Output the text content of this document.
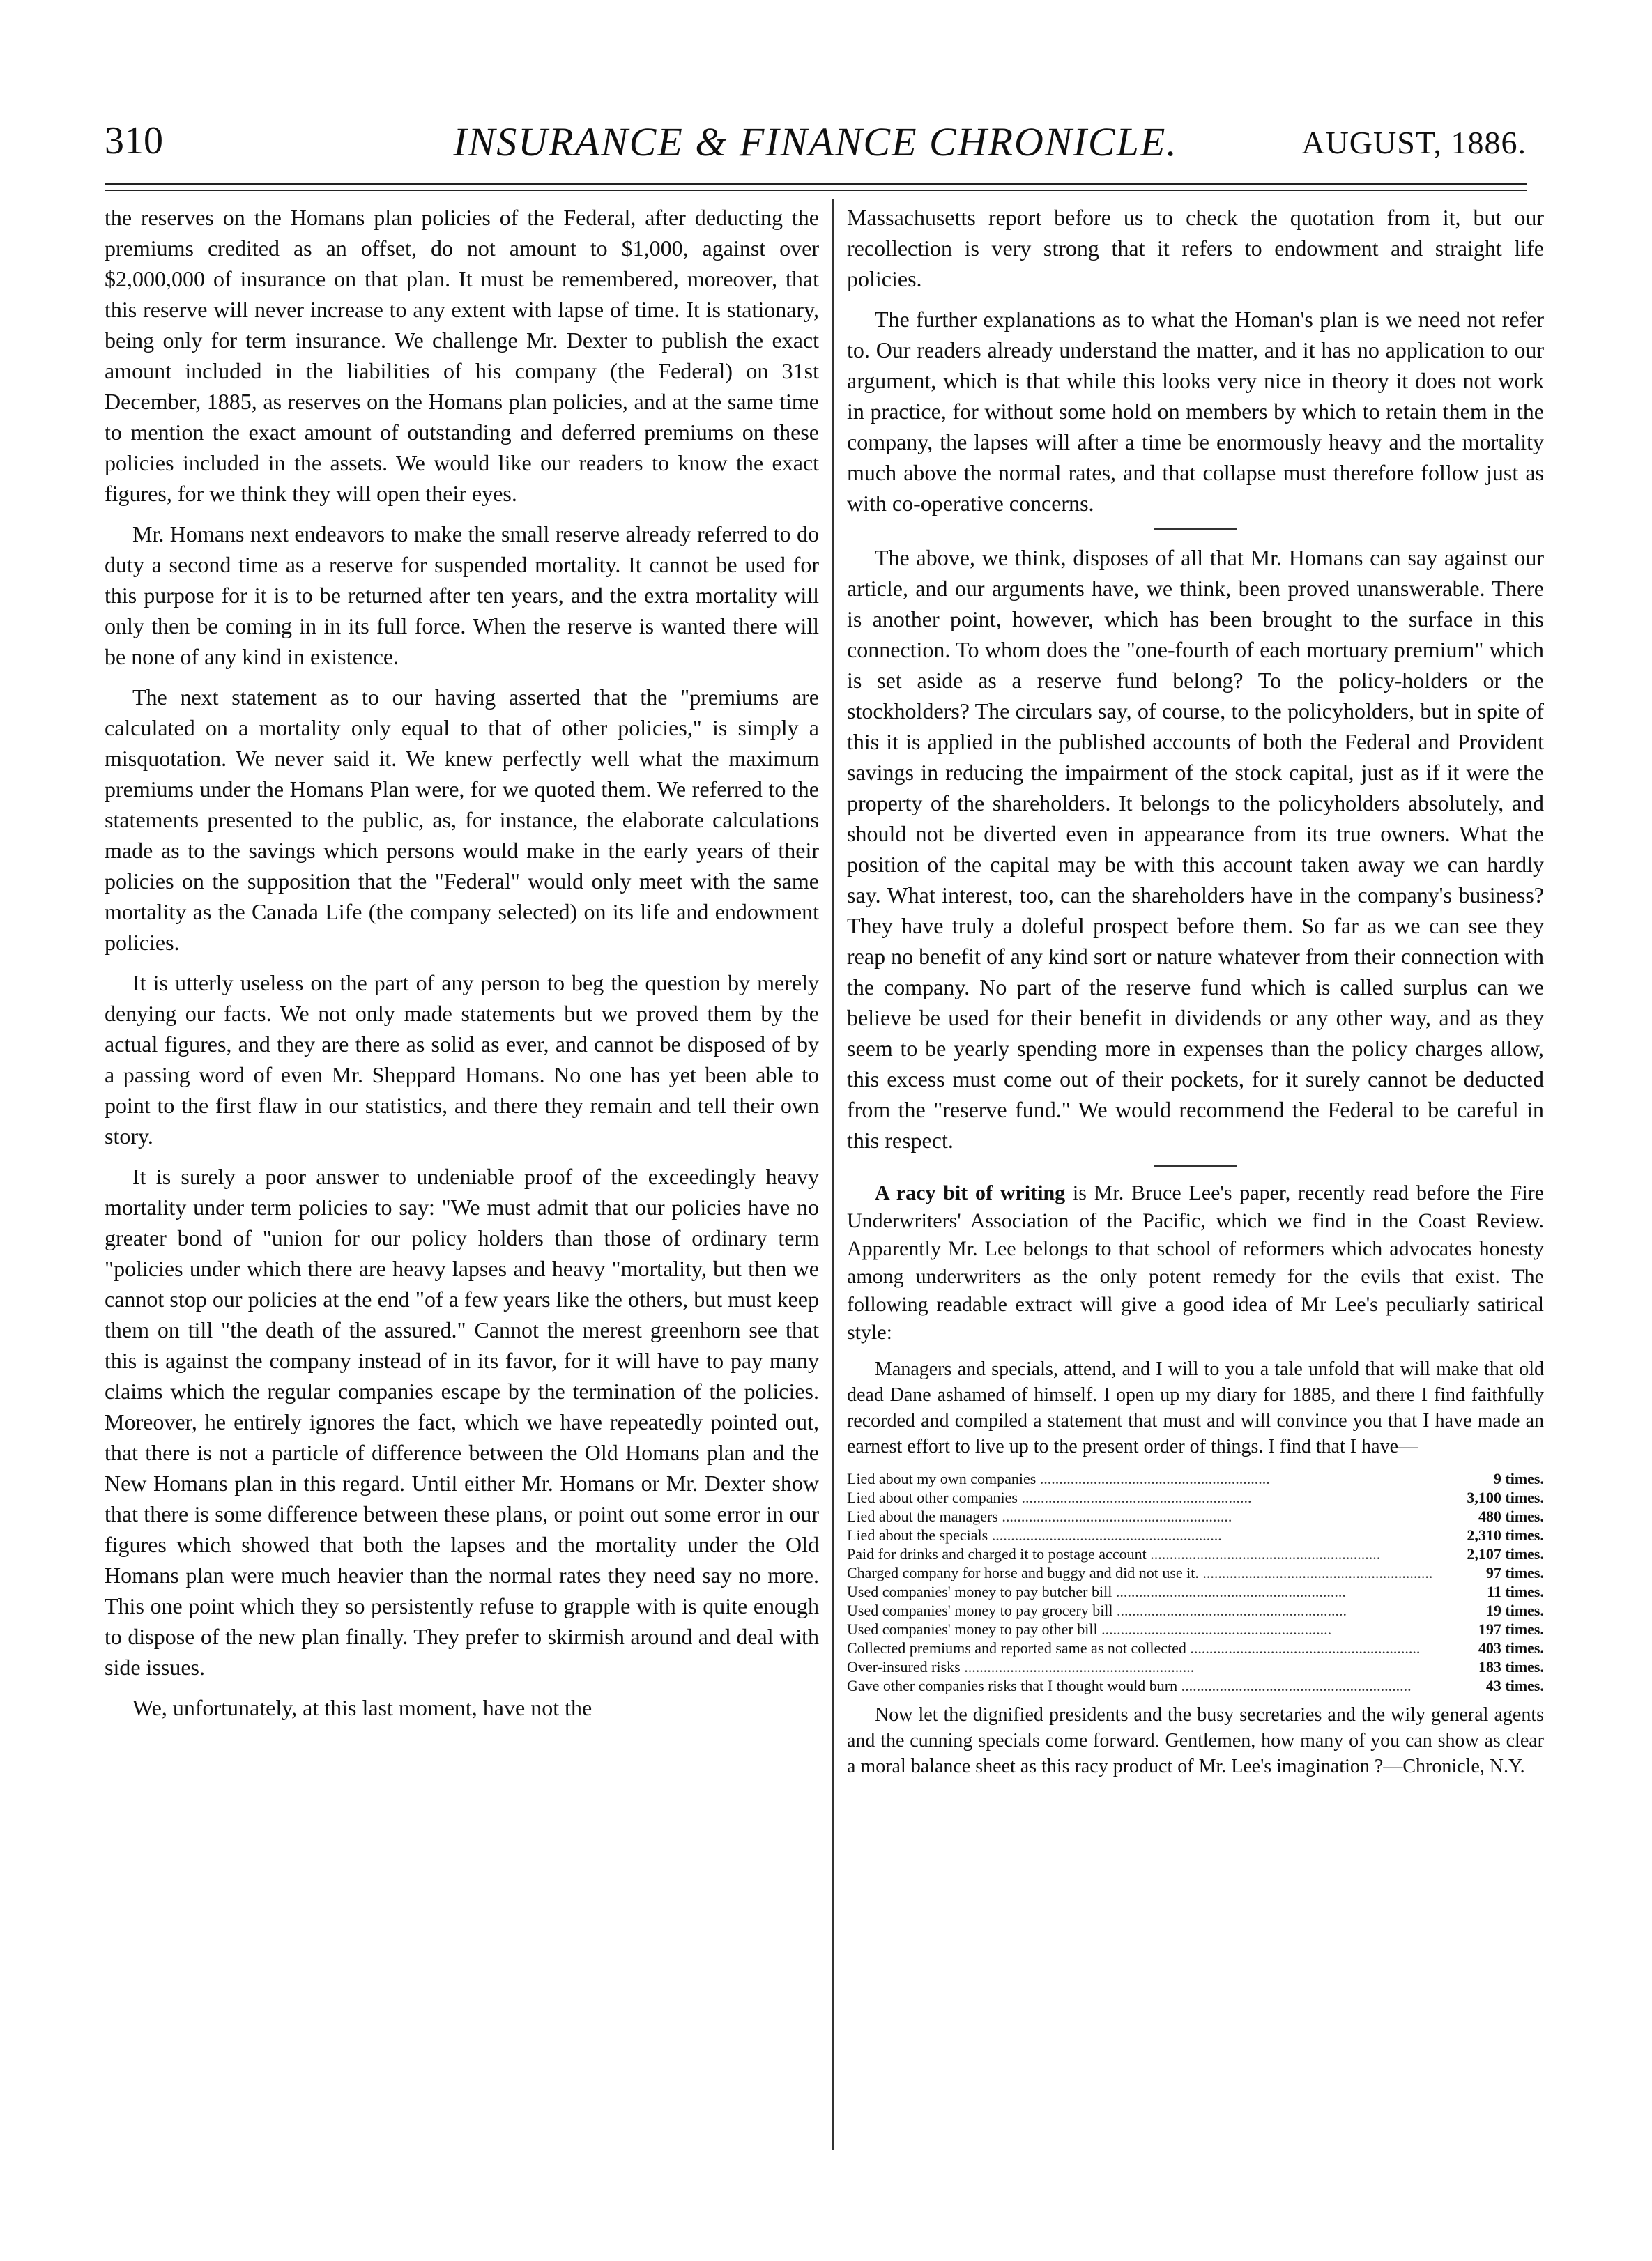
310	INSURANCE & FINANCE CHRONICLE.	AUGUST, 1886.

the reserves on the Homans plan policies of the Federal, after deducting the premiums credited as an offset, do not amount to $1,000, against over $2,000,000 of insurance on that plan. It must be remembered, moreover, that this reserve will never increase to any extent with lapse of time. It is stationary, being only for term insurance. We challenge Mr. Dexter to publish the exact amount included in the liabilities of his company (the Federal) on 31st December, 1885, as reserves on the Homans plan policies, and at the same time to mention the exact amount of outstanding and deferred premiums on these policies included in the assets. We would like our readers to know the exact figures, for we think they will open their eyes.

Mr. Homans next endeavors to make the small reserve already referred to do duty a second time as a reserve for suspended mortality. It cannot be used for this purpose for it is to be returned after ten years, and the extra mortality will only then be coming in in its full force. When the reserve is wanted there will be none of any kind in existence.

The next statement as to our having asserted that the "premiums are calculated on a mortality only equal to that of other policies," is simply a misquotation. We never said it. We knew perfectly well what the maximum premiums under the Homans Plan were, for we quoted them. We referred to the statements presented to the public, as, for instance, the elaborate calculations made as to the savings which persons would make in the early years of their policies on the supposition that the "Federal" would only meet with the same mortality as the Canada Life (the company selected) on its life and endowment policies.

It is utterly useless on the part of any person to beg the question by merely denying our facts. We not only made statements but we proved them by the actual figures, and they are there as solid as ever, and cannot be disposed of by a passing word of even Mr. Sheppard Homans. No one has yet been able to point to the first flaw in our statistics, and there they remain and tell their own story.

It is surely a poor answer to undeniable proof of the exceedingly heavy mortality under term policies to say: "We must admit that our policies have no greater bond of "union for our policy holders than those of ordinary term "policies under which there are heavy lapses and heavy "mortality, but then we cannot stop our policies at the end "of a few years like the others, but must keep them on till "the death of the assured." Cannot the merest greenhorn see that this is against the company instead of in its favor, for it will have to pay many claims which the regular companies escape by the termination of the policies. Moreover, he entirely ignores the fact, which we have repeatedly pointed out, that there is not a particle of difference between the Old Homans plan and the New Homans plan in this regard. Until either Mr. Homans or Mr. Dexter show that there is some difference between these plans, or point out some error in our figures which showed that both the lapses and the mortality under the Old Homans plan were much heavier than the normal rates they need say no more. This one point which they so persistently refuse to grapple with is quite enough to dispose of the new plan finally. They prefer to skirmish around and deal with side issues.

We, unfortunately, at this last moment, have not the

Massachusetts report before us to check the quotation from it, but our recollection is very strong that it refers to endowment and straight life policies.

The further explanations as to what the Homan's plan is we need not refer to. Our readers already understand the matter, and it has no application to our argument, which is that while this looks very nice in theory it does not work in practice, for without some hold on members by which to retain them in the company, the lapses will after a time be enormously heavy and the mortality much above the normal rates, and that collapse must therefore follow just as with co-operative concerns.

The above, we think, disposes of all that Mr. Homans can say against our article, and our arguments have, we think, been proved unanswerable. There is another point, however, which has been brought to the surface in this connection. To whom does the "one-fourth of each mortuary premium" which is set aside as a reserve fund belong? To the policy-holders or the stockholders? The circulars say, of course, to the policyholders, but in spite of this it is applied in the published accounts of both the Federal and Provident savings in reducing the impairment of the stock capital, just as if it were the property of the shareholders. It belongs to the policyholders absolutely, and should not be diverted even in appearance from its true owners. What the position of the capital may be with this account taken away we can hardly say. What interest, too, can the shareholders have in the company's business? They have truly a doleful prospect before them. So far as we can see they reap no benefit of any kind sort or nature whatever from their connection with the company. No part of the reserve fund which is called surplus can we believe be used for their benefit in dividends or any other way, and as they seem to be yearly spending more in expenses than the policy charges allow, this excess must come out of their pockets, for it surely cannot be deducted from the "reserve fund." We would recommend the Federal to be careful in this respect.

A racy bit of writing is Mr. Bruce Lee's paper, recently read before the Fire Underwriters' Association of the Pacific, which we find in the Coast Review. Apparently Mr. Lee belongs to that school of reformers which advocates honesty among underwriters as the only potent remedy for the evils that exist. The following readable extract will give a good idea of Mr Lee's peculiarly satirical style:

Managers and specials, attend, and I will to you a tale unfold that will make that old dead Dane ashamed of himself. I open up my diary for 1885, and there I find faithfully recorded and compiled a statement that must and will convince you that I have made an earnest effort to live up to the present order of things. I find that I have—

Lied about my own companies ............................................................	9 times.
Lied about other companies ............................................................	3,100 times.
Lied about the managers ............................................................	480 times.
Lied about the specials ............................................................	2,310 times.
Paid for drinks and charged it to postage account ............................................................	2,107 times.
Charged company for horse and buggy and did not use it. ............................................................	97 times.
Used companies' money to pay butcher bill ............................................................	11 times.
Used companies' money to pay grocery bill ............................................................	19 times.
Used companies' money to pay other bill ............................................................	197 times.
Collected premiums and reported same as not collected ............................................................	403 times.
Over-insured risks ............................................................	183 times.
Gave other companies risks that I thought would burn ............................................................	43 times.

Now let the dignified presidents and the busy secretaries and the wily general agents and the cunning specials come forward. Gentlemen, how many of you can show as clear a moral balance sheet as this racy product of Mr. Lee's imagination ?—Chronicle, N.Y.
